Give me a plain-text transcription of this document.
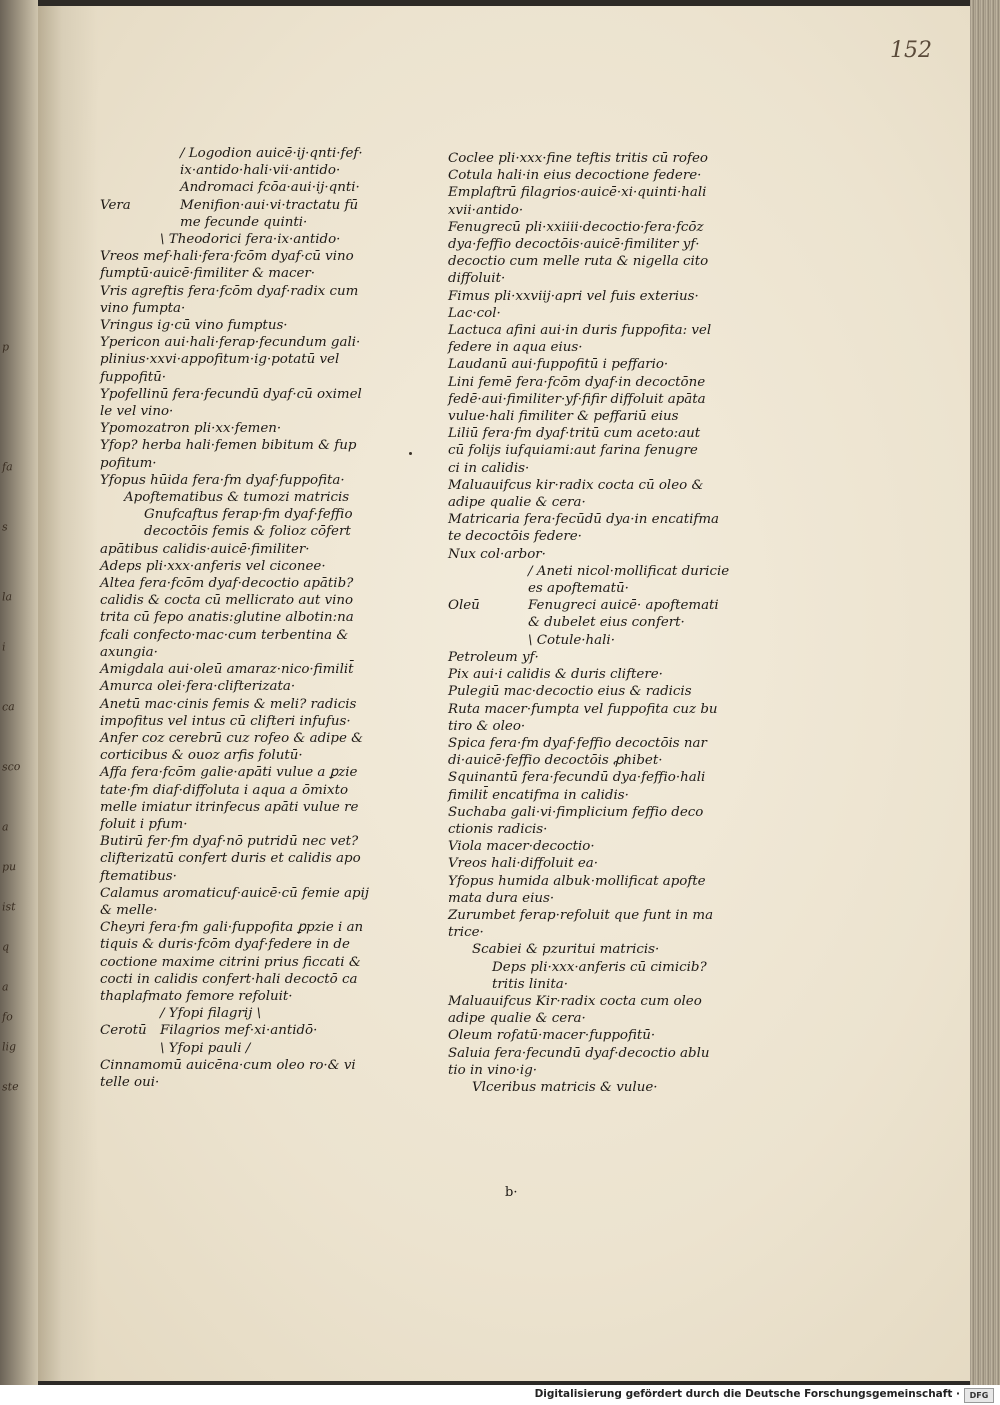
p
fa
s
la
i
ca
sco
a
pu
ist
q
a
fo
lig
ste
152
/ Logodion auicē·ij·qnti·fef·
ix·antido·hali·vii·antido·
Andromaci fcōa·aui·ij·qnti·
Vera	Menifion·aui·vi·tractatu fū
me fecunde quinti·
\ Theodorici fera·ix·antido·
Vreos mef·hali·fera·fcōm dyaf·cū vino
fumptū·auicē·fimiliter & macer·
Vris agreftis fera·fcōm dyaf·radix cum
vino fumpta·
Vringus ig·cū vino fumptus·
Ypericon aui·hali·ferap·fecundum gali·
plinius·xxvi·appofitum·ig·potatū vel
fuppofitū·
Ypofellinū fera·fecundū dyaf·cū oximel
le vel vino·
Ypomozatron pli·xx·femen·
Yfop? herba hali·femen bibitum & fup
pofitum·
Yfopus hūida fera·fm dyaf·fuppofita·
Apoftematibus & tumozi matricis
Gnufcaftus ferap·fm dyaf·feffio
decoctōis femis & folioz cōfert
apātibus calidis·auicē·fimiliter·
Adeps pli·xxx·anferis vel ciconee·
Altea fera·fcōm dyaf·decoctio apātib?
calidis & cocta cū mellicrato aut vino
trita cū fepo anatis:glutine albotin:na
fcali confecto·mac·cum terbentina &
axungia·
Amigdala aui·oleū amaraz·nico·fimilit̄
Amurca olei·fera·clifterizata·
Anetū mac·cinis femis & meli? radicis
impofitus vel intus cū clifteri infufus·
Anfer coz cerebrū cuz rofeo & adipe &
corticibus & ouoz arfis folutū·
Affa fera·fcōm galie·apāti vulue a ꝑzie
tate·fm diaf·diffoluta i aqua a ōmixto
melle imiatur itrinfecus apāti vulue re
foluit i pfum·
Butirū fer·fm dyaf·nō putridū nec vet?
clifterizatū confert duris et calidis apo
ftematibus·
Calamus aromaticuf·auicē·cū femie apij
& melle·
Cheyri fera·fm gali·fuppofita ꝑpzie i an
tiquis & duris·fcōm dyaf·federe in de
coctione maxime citrini prius ficcati &
cocti in calidis confert·hali decoctō ca
thaplafmato femore refoluit·
/ Yfopi filagrij \
Cerotū Filagrios mef·xi·antidō·
\ Yfopi pauli /
Cinnamomū auicēna·cum oleo ro·& vi
telle oui·
Coclee pli·xxx·fine teftis tritis cū rofeo
Cotula hali·in eius decoctione federe·
Emplaftrū filagrios·auicē·xi·quinti·hali
xvii·antido·
Fenugrecū pli·xxiiii·decoctio·fera·fcōz
dya·feffio decoctōis·auicē·fimiliter yf·
decoctio cum melle ruta & nigella cito
diffoluit·
Fimus pli·xxviij·apri vel fuis exterius·
Lac·col·
Lactuca afini aui·in duris fuppofita: vel
federe in aqua eius·
Laudanū aui·fuppofitū i peffario·
Lini femē fera·fcōm dyaf·in decoctōne
fedē·aui·fimiliter·yf·fifir diffoluit apāta
vulue·hali fimiliter & peffariū eius
Liliū fera·fm dyaf·tritū cum aceto:aut
cū folijs iufquiami:aut farina fenugre
ci in calidis·
Maluauifcus kir·radix cocta cū oleo &
adipe qualie & cera·
Matricaria fera·fecūdū dya·in encatifma
te decoctōis federe·
Nux col·arbor·
/ Aneti nicol·mollificat duricie
es apoftematū·
Oleū	Fenugreci auicē· apoftemati
& dubelet eius confert·
\ Cotule·hali·
Petroleum yf·
Pix aui·i calidis & duris cliftere·
Pulegiū mac·decoctio eius & radicis
Ruta macer·fumpta vel fuppofita cuz bu
tiro & oleo·
Spica fera·fm dyaf·feffio decoctōis nar
di·auicē·feffio decoctōis ꝓhibet·
Squinantū fera·fecundū dya·feffio·hali
fimilit̄ encatifma in calidis·
Suchaba gali·vi·fimplicium feffio deco
ctionis radicis·
Viola macer·decoctio·
Vreos hali·diffoluit ea·
Yfopus humida albuk·mollificat apofte
mata dura eius·
Zurumbet ferap·refoluit que funt in ma
trice·
Scabiei & pzuritui matricis·
Deps pli·xxx·anferis cū cimicib?
tritis linita·
Maluauifcus Kir·radix cocta cum oleo
adipe qualie & cera·
Oleum rofatū·macer·fuppofitū·
Saluia fera·fecundū dyaf·decoctio ablu
tio in vino·ig·
Vlceribus matricis & vulue·
b·
Digitalisierung gefördert durch die Deutsche Forschungsgemeinschaft ·	DFG
